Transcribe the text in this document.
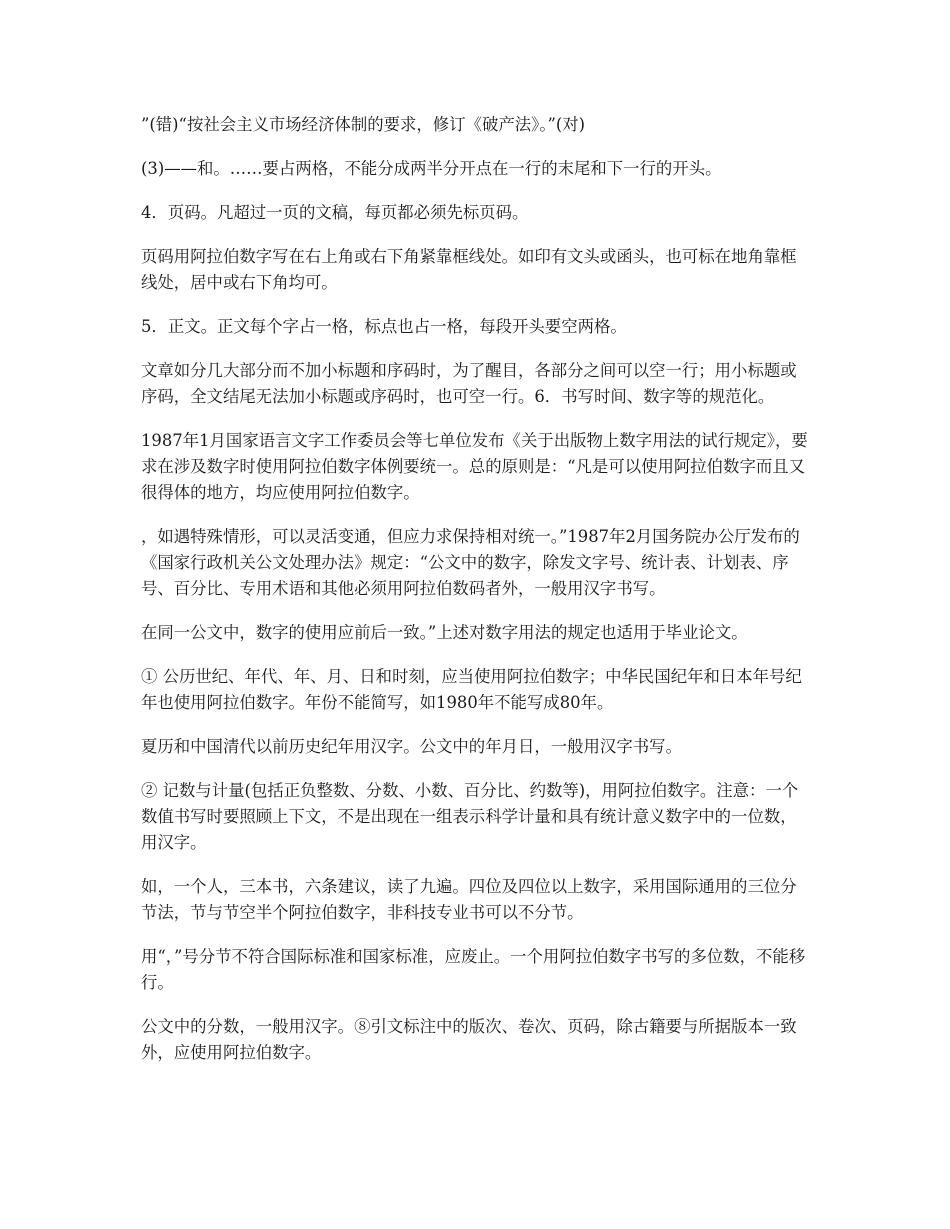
”(错)“按社会主义市场经济体制的要求，修订《破产法》。”(对)

(3)——和。……要占两格，不能分成两半分开点在一行的末尾和下一行的开头。

4．页码。凡超过一页的文稿，每页都必须先标页码。

页码用阿拉伯数字写在右上角或右下角紧靠框线处。如印有文头或函头，也可标在地角靠框线处，居中或右下角均可。

5．正文。正文每个字占一格，标点也占一格，每段开头要空两格。

文章如分几大部分而不加小标题和序码时，为了醒目，各部分之间可以空一行；用小标题或序码，全文结尾无法加小标题或序码时，也可空一行。6．书写时间、数字等的规范化。

1987年1月国家语言文字工作委员会等七单位发布《关于出版物上数字用法的试行规定》，要求在涉及数字时使用阿拉伯数字体例要统一。总的原则是：“凡是可以使用阿拉伯数字而且又很得体的地方，均应使用阿拉伯数字。

，如遇特殊情形，可以灵活变通，但应力求保持相对统一。”1987年2月国务院办公厅发布的《国家行政机关公文处理办法》规定：“公文中的数字，除发文字号、统计表、计划表、序号、百分比、专用术语和其他必须用阿拉伯数码者外，一般用汉字书写。

在同一公文中，数字的使用应前后一致。”上述对数字用法的规定也适用于毕业论文。

① 公历世纪、年代、年、月、日和时刻，应当使用阿拉伯数字；中华民国纪年和日本年号纪年也使用阿拉伯数字。年份不能简写，如1980年不能写成80年。

夏历和中国清代以前历史纪年用汉字。公文中的年月日，一般用汉字书写。

② 记数与计量(包括正负整数、分数、小数、百分比、约数等)，用阿拉伯数字。注意：一个数值书写时要照顾上下文，不是出现在一组表示科学计量和具有统计意义数字中的一位数，用汉字。

如，一个人，三本书，六条建议，读了九遍。四位及四位以上数字，采用国际通用的三位分节法，节与节空半个阿拉伯数字，非科技专业书可以不分节。

用“，”号分节不符合国际标准和国家标准，应废止。一个用阿拉伯数字书写的多位数，不能移行。

公文中的分数，一般用汉字。⑧引文标注中的版次、卷次、页码，除古籍要与所据版本一致外，应使用阿拉伯数字。
